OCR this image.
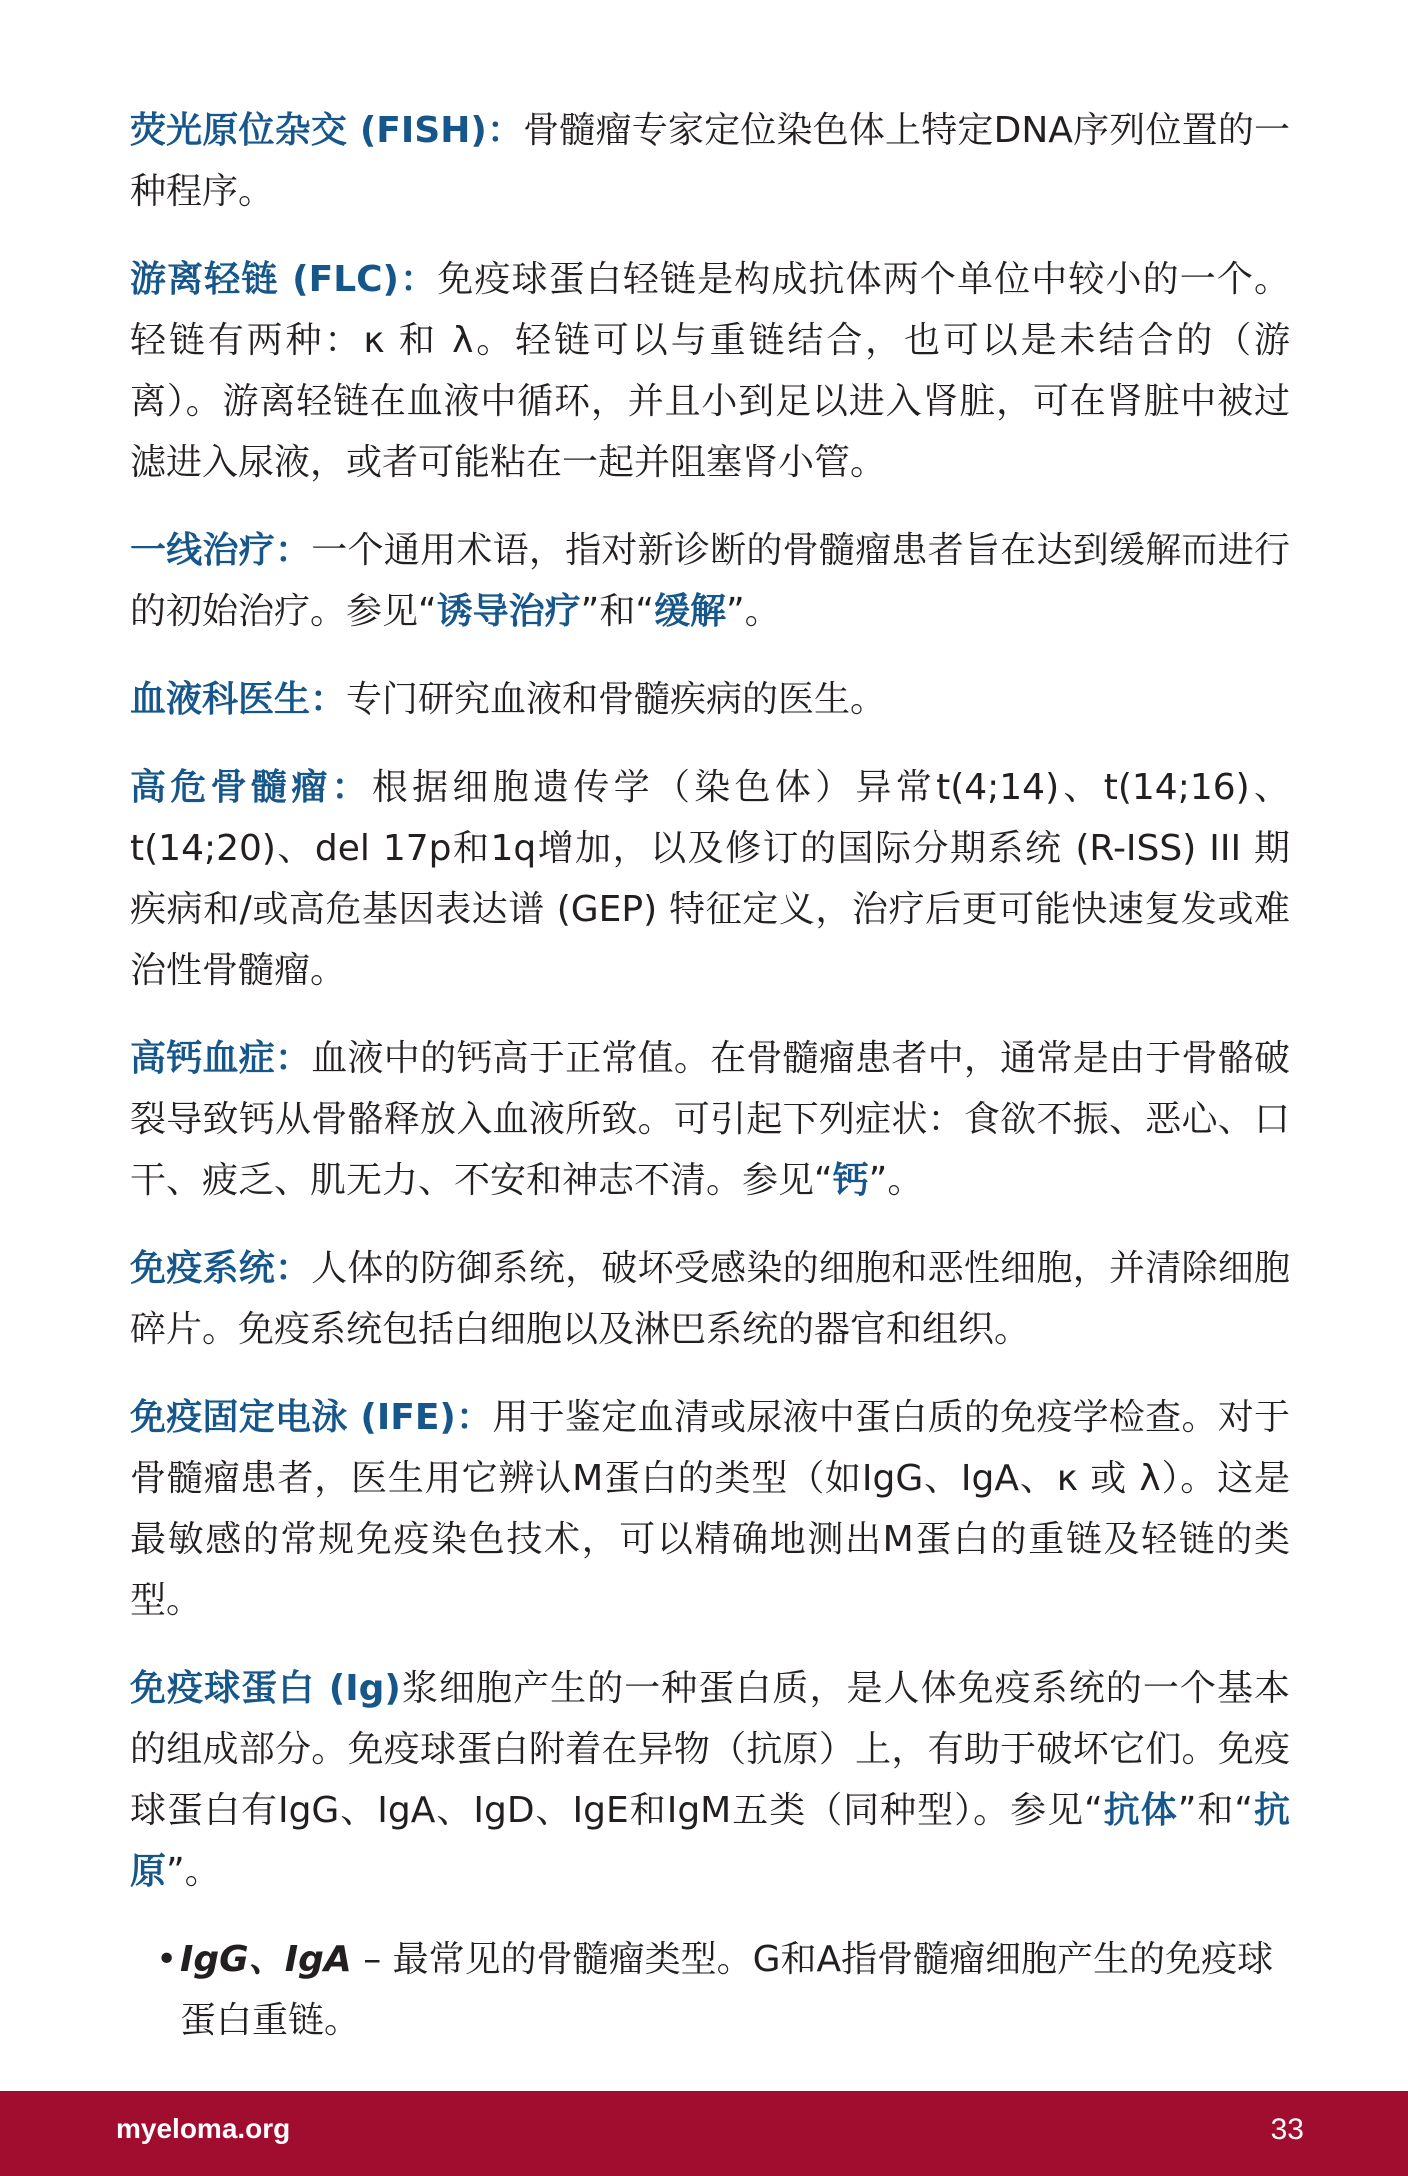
荧光原位杂交 (FISH)：骨髓瘤专家定位染色体上特定DNA序列位置的一种程序。

游离轻链 (FLC)：免疫球蛋白轻链是构成抗体两个单位中较小的一个。轻链有两种：κ 和 λ。轻链可以与重链结合，也可以是未结合的（游离）。游离轻链在血液中循环，并且小到足以进入肾脏，可在肾脏中被过滤进入尿液，或者可能粘在一起并阻塞肾小管。

一线治疗：一个通用术语，指对新诊断的骨髓瘤患者旨在达到缓解而进行的初始治疗。参见“诱导治疗”和“缓解”。

血液科医生：专门研究血液和骨髓疾病的医生。

高危骨髓瘤：根据细胞遗传学（染色体）异常t(4;14)、t(14;16)、t(14;20)、del 17p和1q增加，以及修订的国际分期系统 (R-ISS) III 期疾病和/或高危基因表达谱 (GEP) 特征定义，治疗后更可能快速复发或难治性骨髓瘤。

高钙血症：血液中的钙高于正常值。在骨髓瘤患者中，通常是由于骨骼破裂导致钙从骨骼释放入血液所致。可引起下列症状：食欲不振、恶心、口干、疲乏、肌无力、不安和神志不清。参见“钙”。

免疫系统：人体的防御系统，破坏受感染的细胞和恶性细胞，并清除细胞碎片。免疫系统包括白细胞以及淋巴系统的器官和组织。

免疫固定电泳 (IFE)：用于鉴定血清或尿液中蛋白质的免疫学检查。对于骨髓瘤患者，医生用它辨认M蛋白的类型（如IgG、IgA、κ 或 λ）。这是最敏感的常规免疫染色技术，可以精确地测出M蛋白的重链及轻链的类型。

免疫球蛋白 (Ig)浆细胞产生的一种蛋白质，是人体免疫系统的一个基本的组成部分。免疫球蛋白附着在异物（抗原）上，有助于破坏它们。免疫球蛋白有IgG、IgA、IgD、IgE和IgM五类（同种型）。参见“抗体”和“抗原”。

•IgG、IgA – 最常见的骨髓瘤类型。G和A指骨髓瘤细胞产生的免疫球蛋白重链。

myeloma.org	33
